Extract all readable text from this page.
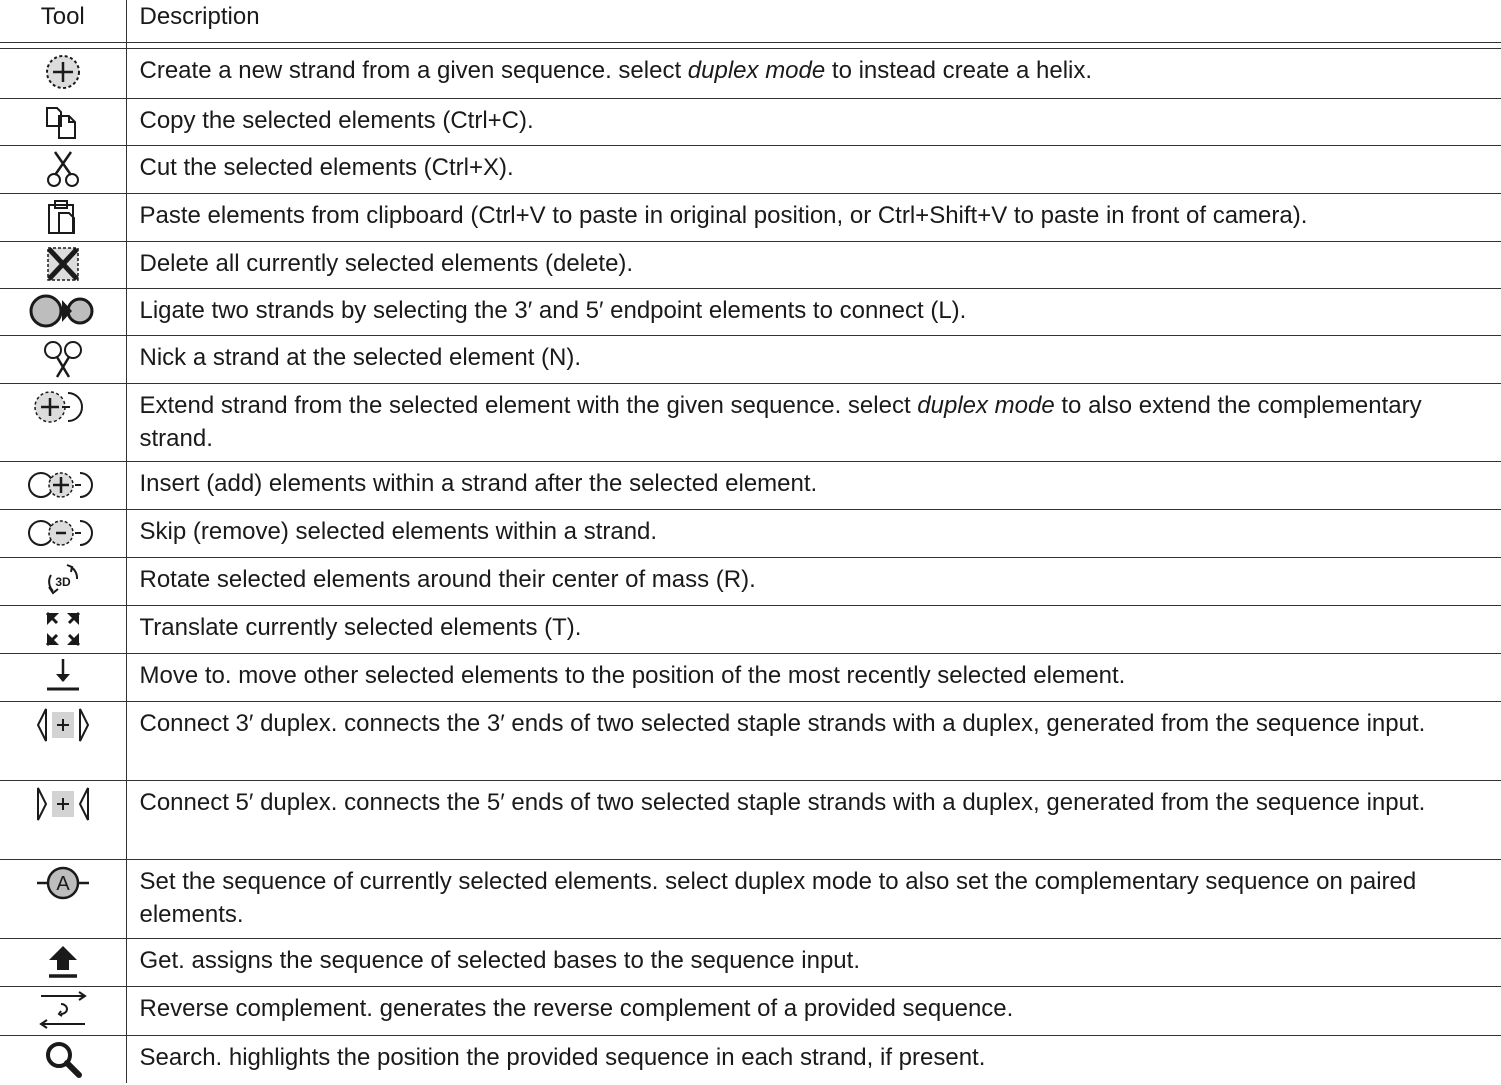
Tool	Description

	Create a new strand from a given sequence. select duplex mode to instead create a helix.

	Copy the selected elements (Ctrl+C).

	Cut the selected elements (Ctrl+X).

	Paste elements from clipboard (Ctrl+V to paste in original position, or Ctrl+Shift+V to paste in front of camera).

	Delete all currently selected elements (delete).

	Ligate two strands by selecting the 3′ and 5′ endpoint elements to connect (L).

	Nick a strand at the selected element (N).

	Extend strand from the selected element with the given sequence. select duplex mode to also extend the complementary strand.

	Insert (add) elements within a strand after the selected element.

	Skip (remove) selected elements within a strand.

3D	Rotate selected elements around their center of mass (R).

	Translate currently selected elements (T).

	Move to. move other selected elements to the position of the most recently selected element.

	Connect 3′ duplex. connects the 3′ ends of two selected staple strands with a duplex, generated from the sequence input.

	Connect 5′ duplex. connects the 5′ ends of two selected staple strands with a duplex, generated from the sequence input.

A	Set the sequence of currently selected elements. select duplex mode to also set the complementary sequence on paired elements.

	Get. assigns the sequence of selected bases to the sequence input.

	Reverse complement. generates the reverse complement of a provided sequence.

	Search. highlights the position the provided sequence in each strand, if present.
